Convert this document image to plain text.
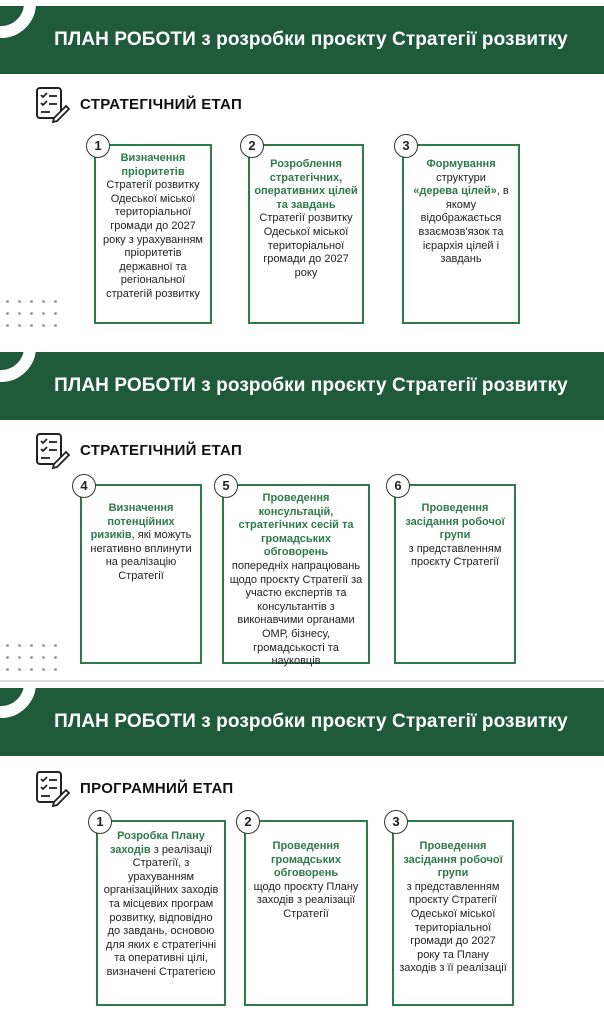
ПЛАН РОБОТИ з розробки проєкту Стратегії розвитку
СТРАТЕГІЧНИЙ ЕТАП
1
Визначення пріоритетів
Стратегії розвитку Одеської міської територіальної громади до 2027 року з урахуванням пріоритетів державної та регіональної стратегій розвитку
2
Розроблення стратегічних, оперативних цілей та завдань
Стратегії розвитку Одеської міської територіальної громади до 2027 року
3
Формування
структури
«дерева цілей», в якому відображається взаємозв'язок та ієрархія цілей і завдань
ПЛАН РОБОТИ з розробки проєкту Стратегії розвитку
СТРАТЕГІЧНИЙ ЕТАП
4
Визначення потенційних ризиків, які можуть негативно вплинути на реалізацію Стратегії
5
Проведення консультацій, стратегічних сесій та громадських обговорень
попередніх напрацювань щодо проєкту Стратегії за участю експертів та консультантів з виконавчими органами ОМР, бізнесу, громадськості та науковців
6
Проведення засідання робочої групи
з представленням проєкту Стратегії
ПЛАН РОБОТИ з розробки проєкту Стратегії розвитку
ПРОГРАМНИЙ ЕТАП
1
Розробка Плану заходів з реалізації Стратегії, з урахуванням організаційних заходів та місцевих програм розвитку, відповідно до завдань, основою для яких є стратегічні та оперативні цілі, визначені Стратегією
2
Проведення громадських обговорень
щодо проєкту Плану заходів з реалізації Стратегії
3
Проведення засідання робочої групи
з представленням проєкту Стратегії Одеської міської територіальної громади до 2027 року та Плану заходів з її реалізації
